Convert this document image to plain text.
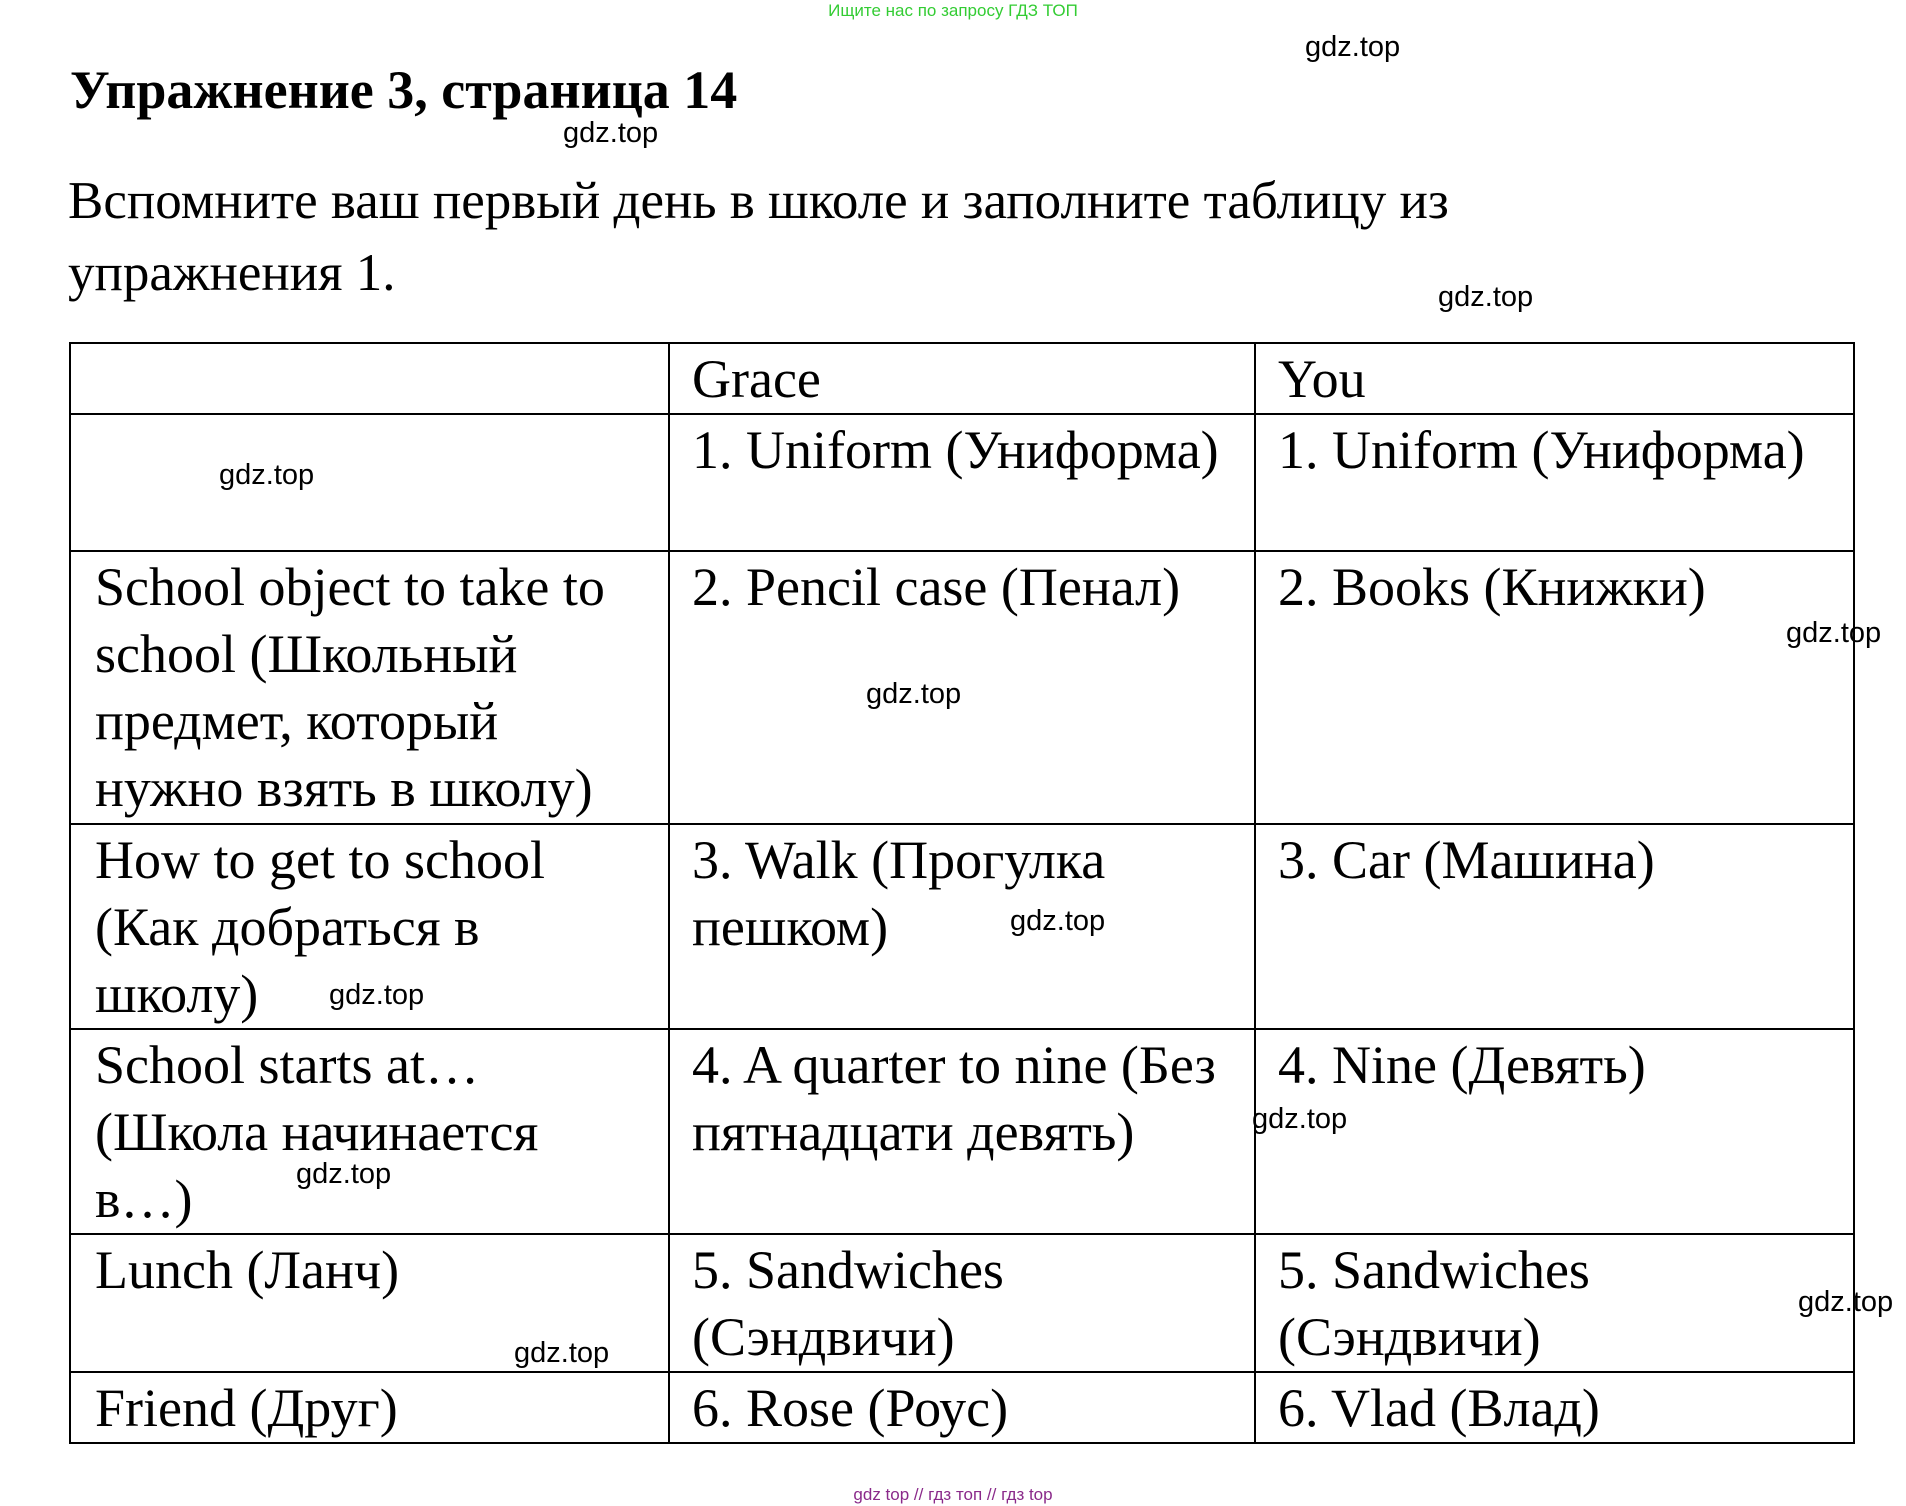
Ищите нас по запросу ГДЗ ТОП
Упражнение 3, страница 14

Вспомните ваш первый день в школе и заполните таблицу из упражнения 1.

	Grace	You
	1. Uniform (Униформа)	1. Uniform (Униформа)
School object to take to school (Школьный предмет, который нужно взять в школу)	2. Pencil case (Пенал)	2. Books (Книжки)
How to get to school (Как добраться в школу)	3. Walk (Прогулка пешком)	3. Car (Машина)
School starts at… (Школа начинается в…)	4. A quarter to nine (Без пятнадцати девять)	4. Nine (Девять)
Lunch (Ланч)	5. Sandwiches (Сэндвичи)	5. Sandwiches (Сэндвичи)
Friend (Друг)	6. Rose (Роус)	6. Vlad (Влад)
gdz.top
gdz.top
gdz.top
gdz.top
gdz.top
gdz.top
gdz.top
gdz.top
gdz.top
gdz.top
gdz.top
gdz.top
gdz top // гдз топ // гдз top
